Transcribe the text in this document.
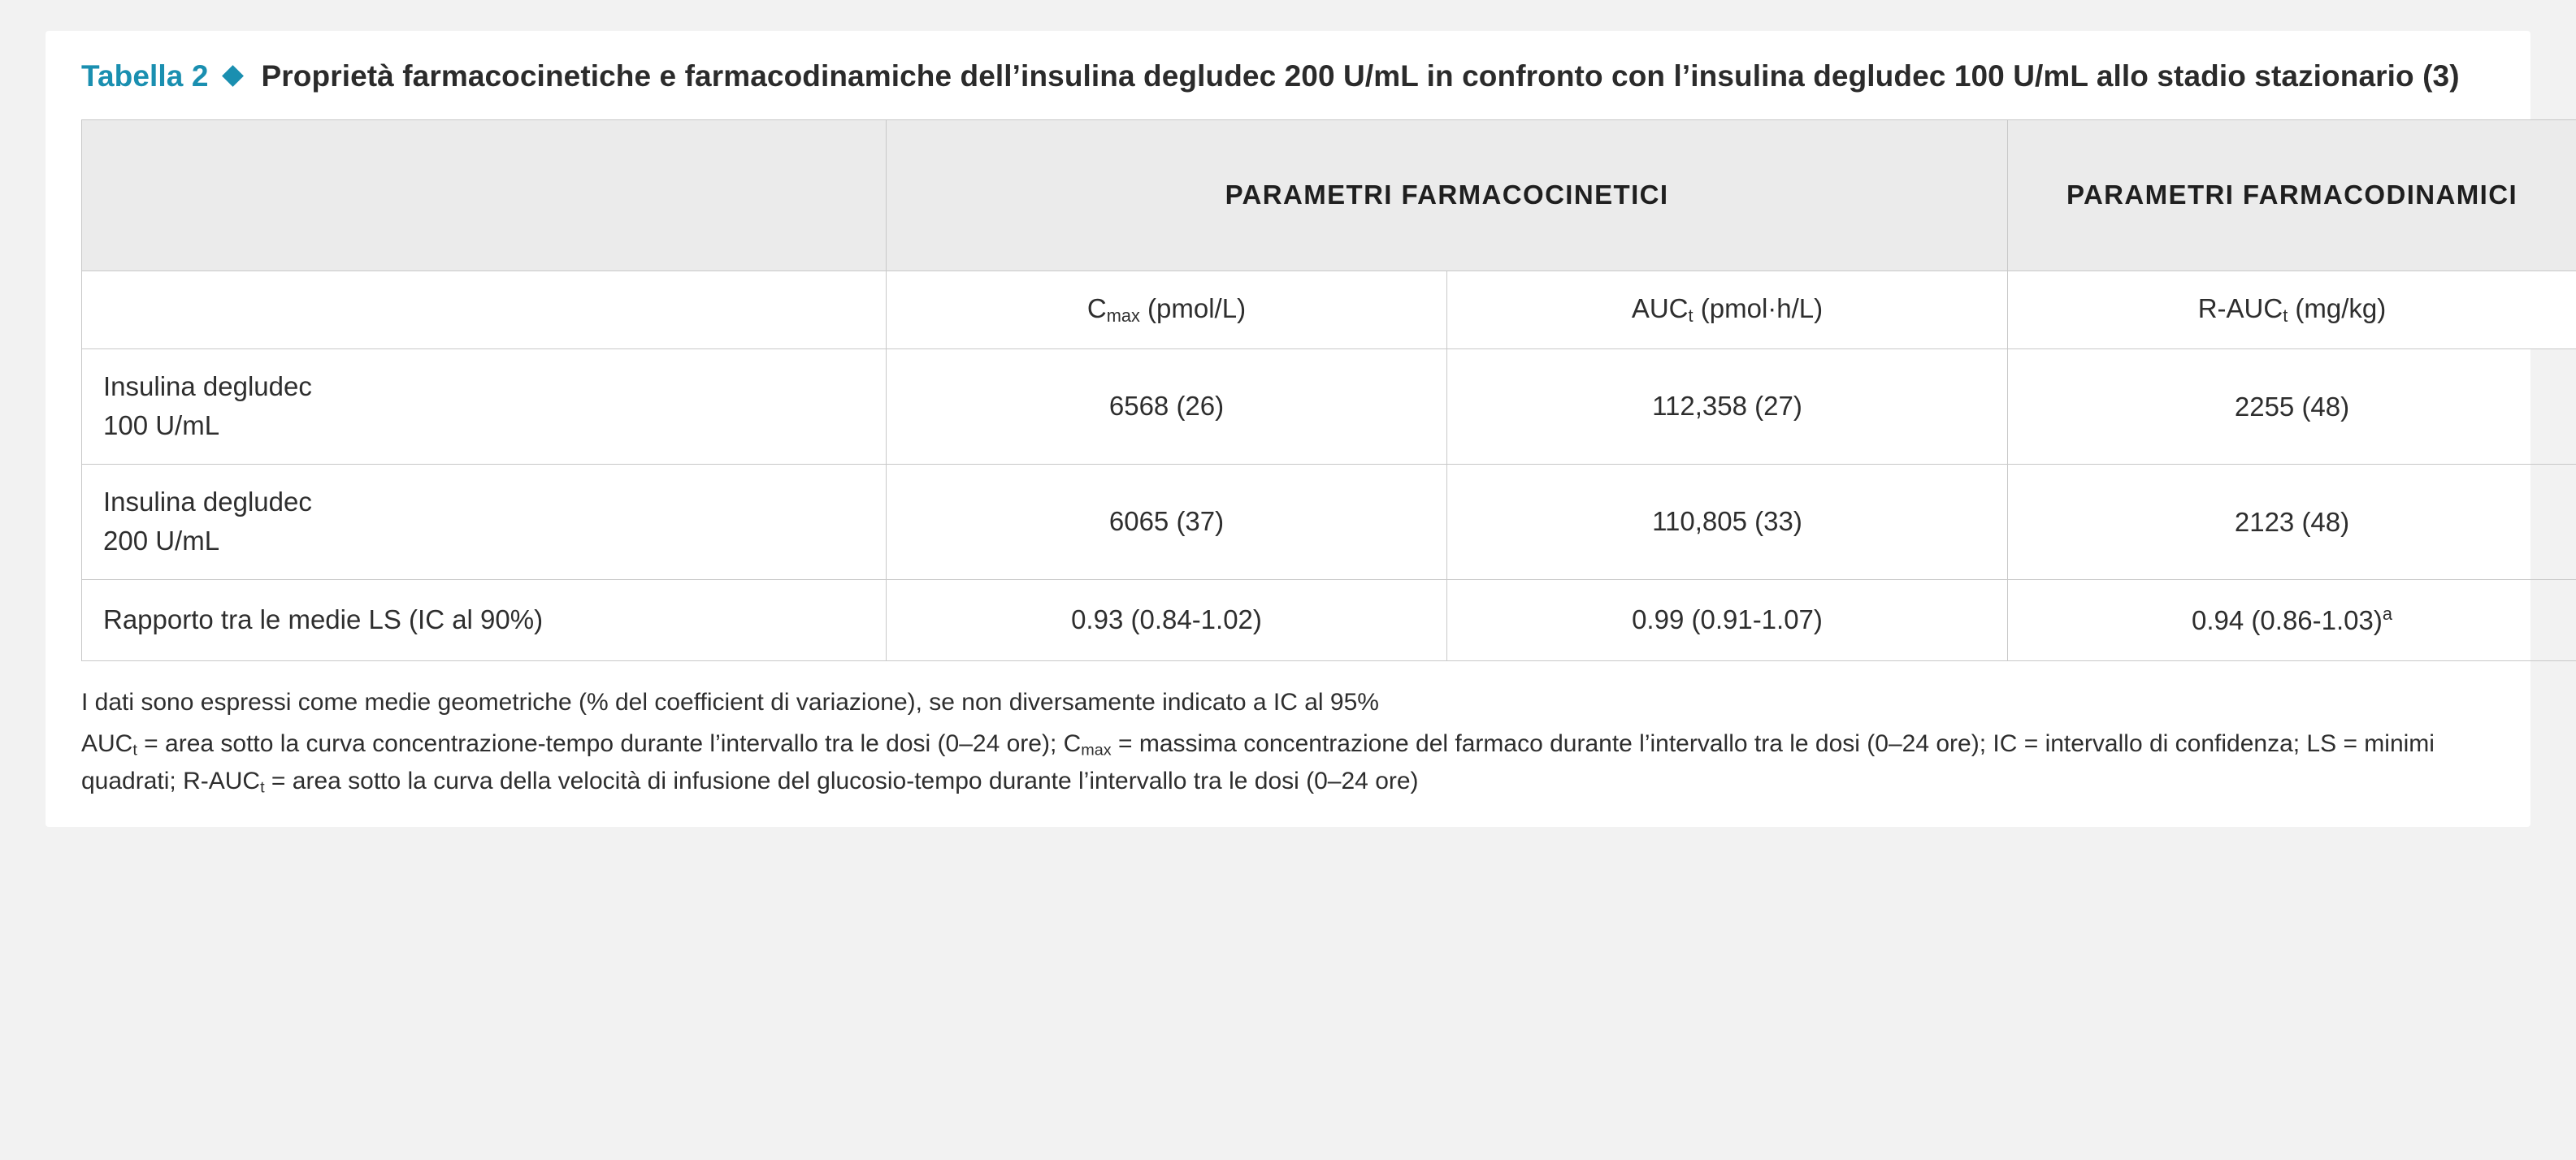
Tabella 2 Proprietà farmacocinetiche e farmacodinamiche dell’insulina degludec 200 U/mL in confronto con l’insulina degludec 100 U/mL allo stadio stazionario (3)
	PARAMETRI FARMACOCINETICI		PARAMETRI FARMACODINAMICI
	$C_{max}$ (pmol/L)	$AUC_t$ (pmol·h/L)	$R-AUC_t$ (mg/kg)
Insulina degludec
100 U/mL	6568 (26)	112,358 (27)	2255 (48)
Insulina degludec
200 U/mL	6065 (37)	110,805 (33)	2123 (48)
Rapporto tra le medie LS (IC al 90%)	0.93 (0.84-1.02)	0.99 (0.91-1.07)	0.94 $(0.86-1.03)^a$
I dati sono espressi come medie geometriche (% del coefficient di variazione), se non diversamente indicato a IC al 95%
$AUC_t$ = area sotto la curva concentrazione-tempo durante l’intervallo tra le dosi (0–24 ore); $C_{max}$ = massima concentrazione del farmaco durante l’intervallo tra le dosi (0–24 ore); IC = intervallo di confidenza; LS = minimi quadrati; $R-AUC_t$ = area sotto la curva della velocità di infusione del glucosio-tempo durante l’intervallo tra le dosi (0–24 ore)
